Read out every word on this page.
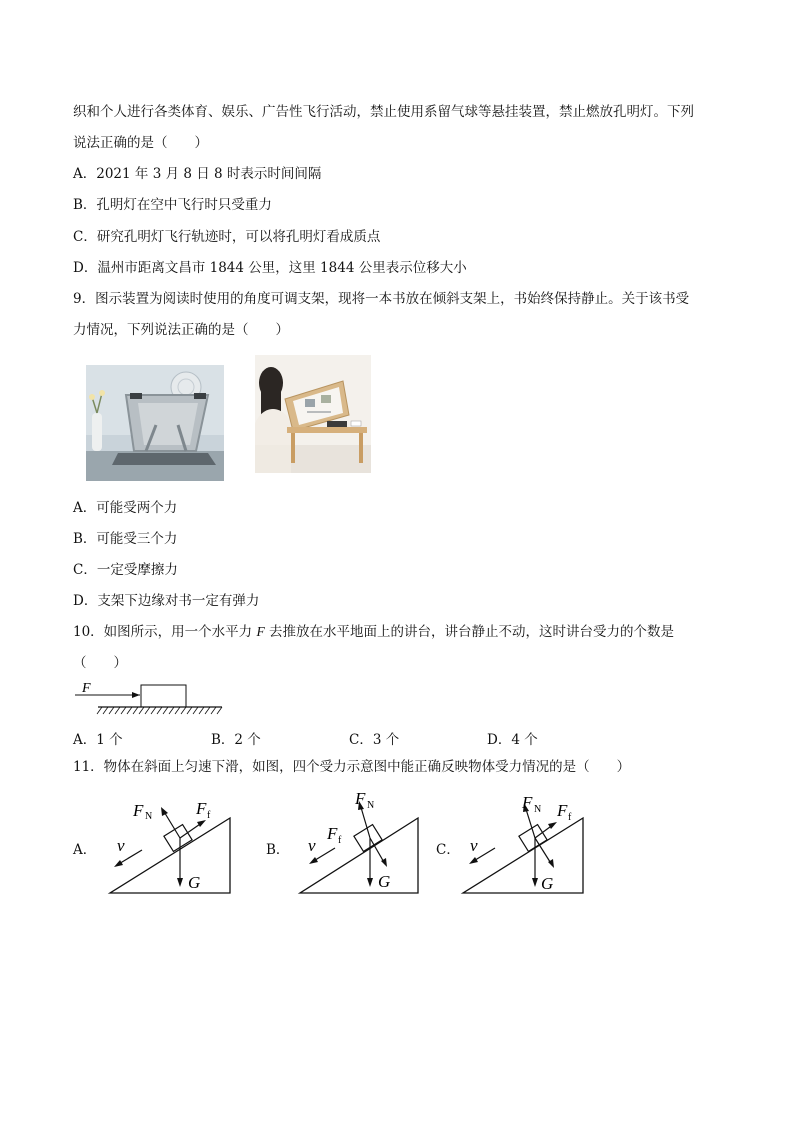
织和个人进行各类体育、娱乐、广告性飞行活动，禁止使用系留气球等悬挂装置，禁止燃放孔明灯。下列
说法正确的是（　　）
A．2021 年 3 月 8 日 8 时表示时间间隔
B．孔明灯在空中飞行时只受重力
C．研究孔明灯飞行轨迹时，可以将孔明灯看成质点
D．温州市距离文昌市 1844 公里，这里 1844 公里表示位移大小
9．图示装置为阅读时使用的角度可调支架，现将一本书放在倾斜支架上，书始终保持静止。关于该书受
力情况，下列说法正确的是（　　）
A．可能受两个力
B．可能受三个力
C．一定受摩擦力
D．支架下边缘对书一定有弹力
10．如图所示，用一个水平力 F 去推放在水平地面上的讲台，讲台静止不动，这时讲台受力的个数是
（　　）
F
A．1 个	B．2 个	C．3 个	D．4 个
11．物体在斜面上匀速下滑，如图，四个受力示意图中能正确反映物体受力情况的是（　　）
A．
F N	F f
v
G
B．
F N
F f
v
G
C．
F N F f
v
G
